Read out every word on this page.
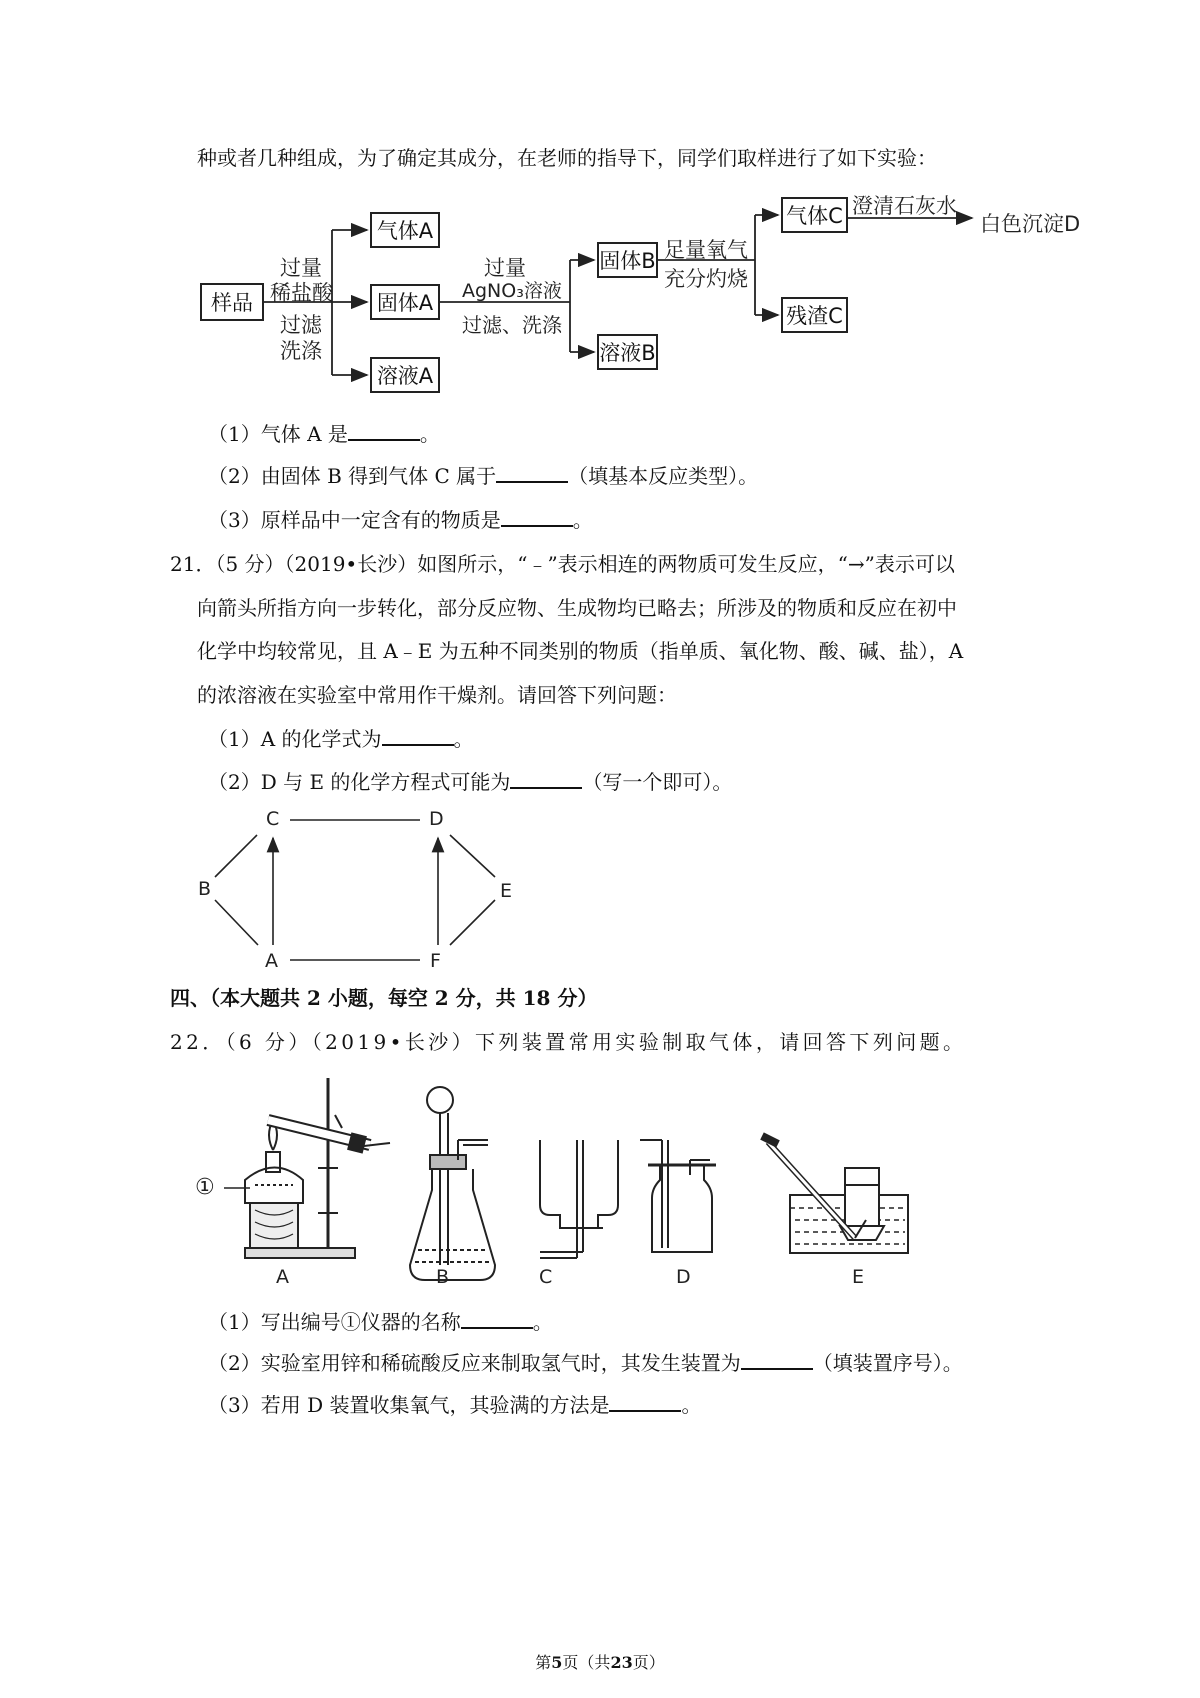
种或者几种组成，为了确定其成分，在老师的指导下，同学们取样进行了如下实验：
样品
气体A
固体A
溶液A
固体B
溶液B
气体C
残渣C
过量
稀盐酸
过滤
洗涤
过量
AgNO₃溶液
过滤、洗涤
足量氧气
充分灼烧
澄清石灰水
白色沉淀D
（1）气体 A 是	。
（2）由固体 B 得到气体 C 属于	（填基本反应类型）。
（3）原样品中一定含有的物质是	。
21．（5 分）（2019•长沙）如图所示，“﹣”表示相连的两物质可发生反应，“→”表示可以
向箭头所指方向一步转化，部分反应物、生成物均已略去；所涉及的物质和反应在初中
化学中均较常见，且 A﹣E 为五种不同类别的物质（指单质、氧化物、酸、碱、盐），A
的浓溶液在实验室中常用作干燥剂。请回答下列问题：
（1）A 的化学式为	。
（2）D 与 E 的化学方程式可能为	（写一个即可）。
C	D
B	E
A	F
四、（本大题共 2 小题，每空 2 分，共 18 分）
22．（6 分）（2019•长沙）下列装置常用实验制取气体，请回答下列问题。
①
A	B	C	D	E
（1）写出编号①仪器的名称	。
（2）实验室用锌和稀硫酸反应来制取氢气时，其发生装置为	（填装置序号）。
（3）若用 D 装置收集氧气，其验满的方法是	。
第5页（共23页）
